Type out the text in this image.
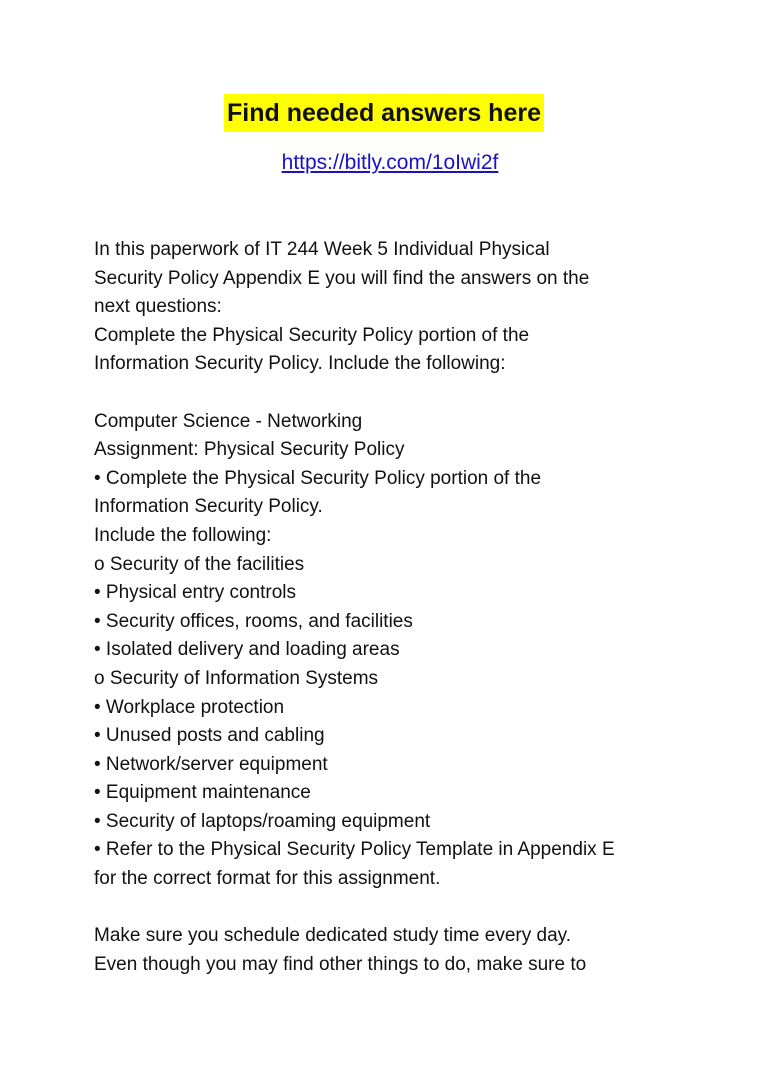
Find needed answers here
https://bitly.com/1oIwi2f

In this paperwork of IT 244 Week 5 Individual Physical

Security Policy Appendix E you will find the answers on the

next questions:

Complete the Physical Security Policy portion of the

Information Security Policy. Include the following:

Computer Science - Networking

Assignment: Physical Security Policy

• Complete the Physical Security Policy portion of the

Information Security Policy.

Include the following:

o Security of the facilities

• Physical entry controls

• Security offices, rooms, and facilities

• Isolated delivery and loading areas

o Security of Information Systems

• Workplace protection

• Unused posts and cabling

• Network/server equipment

• Equipment maintenance

• Security of laptops/roaming equipment

• Refer to the Physical Security Policy Template in Appendix E

for the correct format for this assignment.

Make sure you schedule dedicated study time every day.

Even though you may find other things to do, make sure to
